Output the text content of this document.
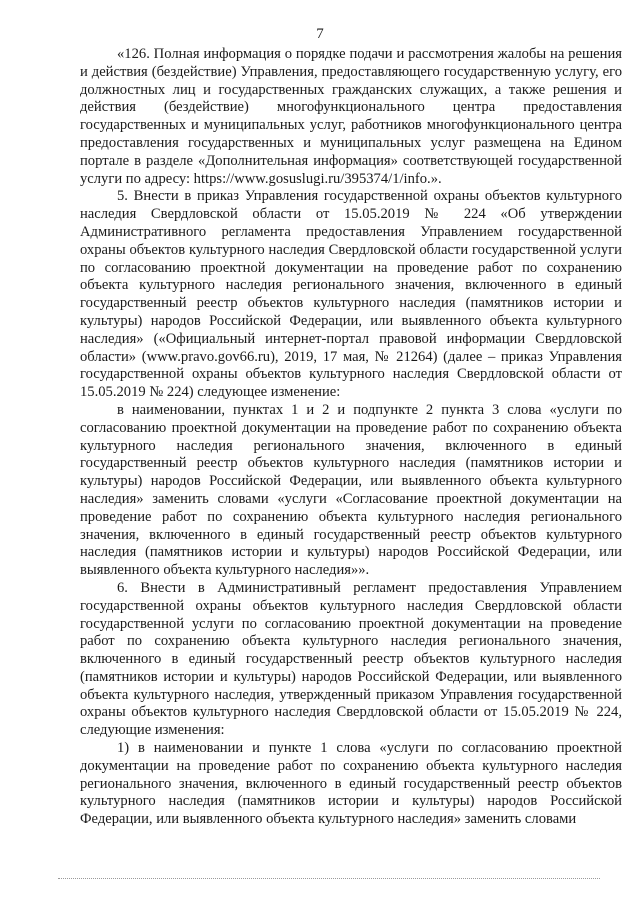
7

«126. Полная информация о порядке подачи и рассмотрения жалобы на решения и действия (бездействие) Управления, предоставляющего государственную услугу, его должностных лиц и государственных гражданских служащих, а также решения и действия (бездействие) многофункционального центра предоставления государственных и муниципальных услуг, работников многофункционального центра предоставления государственных и муниципальных услуг размещена на Едином портале в разделе «Дополнительная информация» соответствующей государственной услуги по адресу: https://www.gosuslugi.ru/395374/1/info.».

5. Внести в приказ Управления государственной охраны объектов культурного наследия Свердловской области от 15.05.2019 № 224 «Об утверждении Административного регламента предоставления Управлением государственной охраны объектов культурного наследия Свердловской области государственной услуги по согласованию проектной документации на проведение работ по сохранению объекта культурного наследия регионального значения, включенного в единый государственный реестр объектов культурного наследия (памятников истории и культуры) народов Российской Федерации, или выявленного объекта культурного наследия» («Официальный интернет-портал правовой информации Свердловской области» (www.pravo.gov66.ru), 2019, 17 мая, № 21264) (далее – приказ Управления государственной охраны объектов культурного наследия Свердловской области от 15.05.2019 № 224) следующее изменение:

в наименовании, пунктах 1 и 2 и подпункте 2 пункта 3 слова «услуги по согласованию проектной документации на проведение работ по сохранению объекта культурного наследия регионального значения, включенного в единый государственный реестр объектов культурного наследия (памятников истории и культуры) народов Российской Федерации, или выявленного объекта культурного наследия» заменить словами «услуги «Согласование проектной документации на проведение работ по сохранению объекта культурного наследия регионального значения, включенного в единый государственный реестр объектов культурного наследия (памятников истории и культуры) народов Российской Федерации, или выявленного объекта культурного наследия»».

6. Внести в Административный регламент предоставления Управлением государственной охраны объектов культурного наследия Свердловской области государственной услуги по согласованию проектной документации на проведение работ по сохранению объекта культурного наследия регионального значения, включенного в единый государственный реестр объектов культурного наследия (памятников истории и культуры) народов Российской Федерации, или выявленного объекта культурного наследия, утвержденный приказом Управления государственной охраны объектов культурного наследия Свердловской области от 15.05.2019 № 224, следующие изменения:

1) в наименовании и пункте 1 слова «услуги по согласованию проектной документации на проведение работ по сохранению объекта культурного наследия регионального значения, включенного в единый государственный реестр объектов культурного наследия (памятников истории и культуры) народов Российской Федерации, или выявленного объекта культурного наследия» заменить словами
